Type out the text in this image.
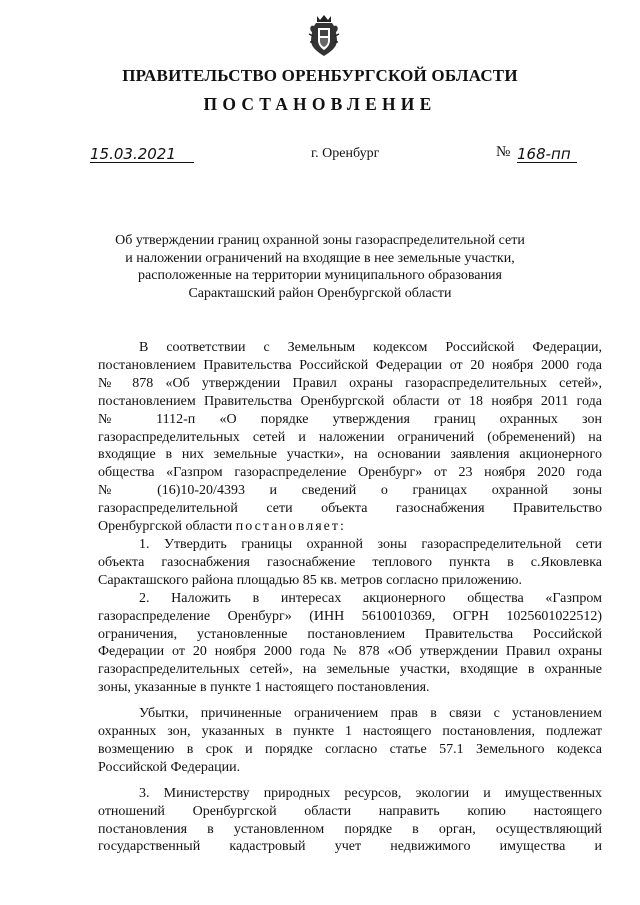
ПРАВИТЕЛЬСТВО ОРЕНБУРГСКОЙ ОБЛАСТИ
ПОСТАНОВЛЕНИЕ
15.03.2021	г. Оренбург	№ 168-пп
Об утверждении границ охранной зоны газораспределительной сети
и наложении ограничений на входящие в нее земельные участки,
расположенные на территории муниципального образования
Саракташский район Оренбургской области

В соответствии с Земельным кодексом Российской Федерации,

постановлением Правительства Российской Федерации от 20 ноября 2000 года

№ 878 «Об утверждении Правил охраны газораспределительных сетей»,

постановлением Правительства Оренбургской области от 18 ноября 2011 года

№ 1112-п «О порядке утверждения границ охранных зон

газораспределительных сетей и наложении ограничений (обременений) на

входящие в них земельные участки», на основании заявления акционерного

общества «Газпром газораспределение Оренбург» от 23 ноября 2020 года

№ (16)10-20/4393 и сведений о границах охранной зоны

газораспределительной сети объекта газоснабжения Правительство

Оренбургской области постановляет:

1. Утвердить границы охранной зоны газораспределительной сети

объекта газоснабжения газоснабжение теплового пункта в с.Яковлевка

Саракташского района площадью 85 кв. метров согласно приложению.

2. Наложить в интересах акционерного общества «Газпром

газораспределение Оренбург» (ИНН 5610010369, ОГРН 1025601022512)

ограничения, установленные постановлением Правительства Российской

Федерации от 20 ноября 2000 года № 878 «Об утверждении Правил охраны

газораспределительных сетей», на земельные участки, входящие в охранные

зоны, указанные в пункте 1 настоящего постановления.

Убытки, причиненные ограничением прав в связи с установлением

охранных зон, указанных в пункте 1 настоящего постановления, подлежат

возмещению в срок и порядке согласно статье 57.1 Земельного кодекса

Российской Федерации.

3. Министерству природных ресурсов, экологии и имущественных

отношений Оренбургской области направить копию настоящего

постановления в установленном порядке в орган, осуществляющий

государственный кадастровый учет недвижимого имущества и
